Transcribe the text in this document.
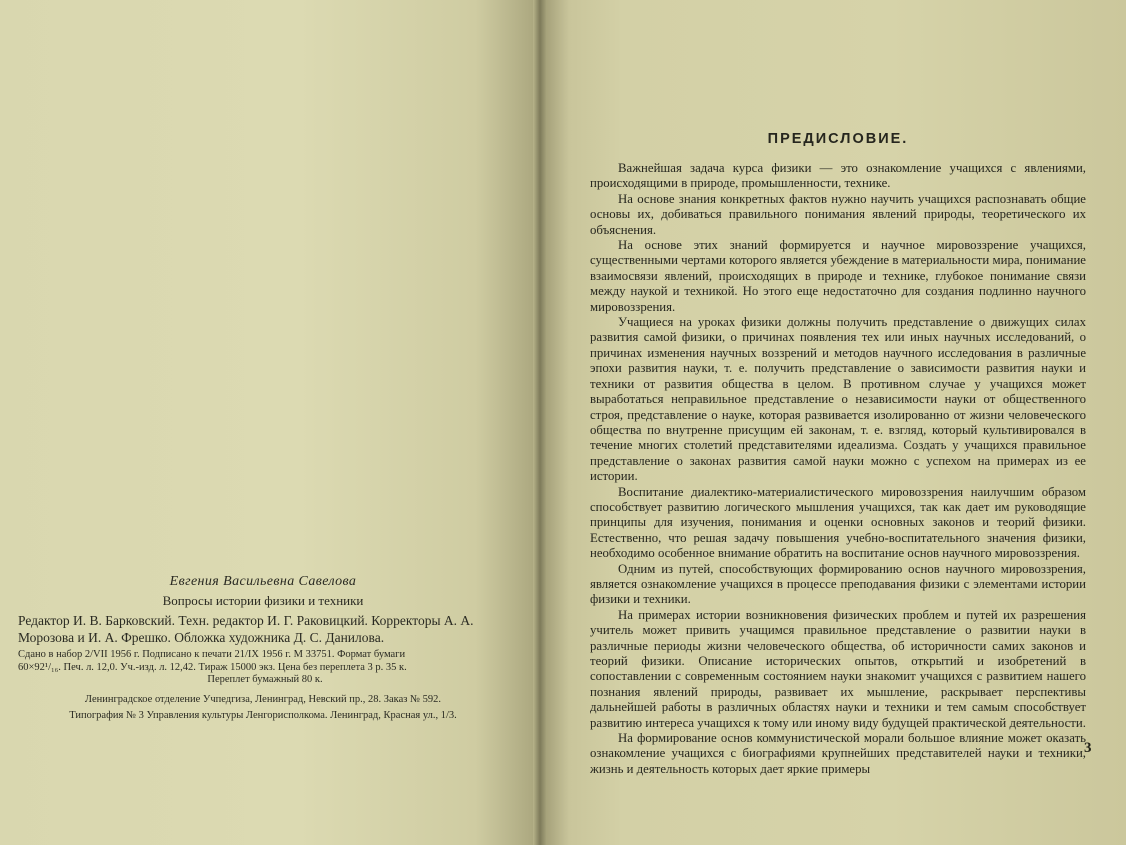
Евгения Васильевна Савелова

Вопросы истории физики и техники

Редактор И. В. Барковский. Техн. редактор И. Г. Раковицкий. Корректоры А. А. Морозова и И. А. Фрешко. Обложка художника Д. С. Данилова.

Сдано в набор 2/VII 1956 г. Подписано к печати 21/IX 1956 г. М 33751. Формат бумаги

60×92¹/₁₆. Печ. л. 12,0. Уч.-изд. л. 12,42. Тираж 15000 экз. Цена без переплета 3 р. 35 к.

Переплет бумажный 80 к.

Ленинградское отделение Учпедгиза, Ленинград, Невский пр., 28. Заказ № 592.

Типография № 3 Управления культуры Ленгорисполкома. Ленинград, Красная ул., 1/3.

ПРЕДИСЛОВИЕ.

Важнейшая задача курса физики — это ознакомление учащихся с явлениями, происходящими в природе, промышленности, технике.

На основе знания конкретных фактов нужно научить учащихся распознавать общие основы их, добиваться правильного понимания явлений природы, теоретического их объяснения.

На основе этих знаний формируется и научное мировоззрение учащихся, существенными чертами которого является убеждение в материальности мира, понимание взаимосвязи явлений, происходящих в природе и технике, глубокое понимание связи между наукой и техникой. Но этого еще недостаточно для создания подлинно научного мировоззрения.

Учащиеся на уроках физики должны получить представление о движущих силах развития самой физики, о причинах появления тех или иных научных исследований, о причинах изменения научных воззрений и методов научного исследования в различные эпохи развития науки, т. е. получить представление о зависимости развития науки и техники от развития общества в целом. В противном случае у учащихся может выработаться неправильное представление о независимости науки от общественного строя, представление о науке, которая развивается изолированно от жизни человеческого общества по внутренне присущим ей законам, т. е. взгляд, который культивировался в течение многих столетий представителями идеализма. Создать у учащихся правильное представление о законах развития самой науки можно с успехом на примерах из ее истории.

Воспитание диалектико-материалистического мировоззрения наилучшим образом способствует развитию логического мышления учащихся, так как дает им руководящие принципы для изучения, понимания и оценки основных законов и теорий физики. Естественно, что решая задачу повышения учебно-воспитательного значения физики, необходимо особенное внимание обратить на воспитание основ научного мировоззрения.

Одним из путей, способствующих формированию основ научного мировоззрения, является ознакомление учащихся в процессе преподавания физики с элементами истории физики и техники.

На примерах истории возникновения физических проблем и путей их разрешения учитель может привить учащимся правильное представление о развитии науки в различные периоды жизни человеческого общества, об историчности самих законов и теорий физики. Описание исторических опытов, открытий и изобретений в сопоставлении с современным состоянием науки знакомит учащихся с развитием нашего познания явлений природы, развивает их мышление, раскрывает перспективы дальнейшей работы в различных областях науки и техники и тем самым способствует развитию интереса учащихся к тому или иному виду будущей практической деятельности.

На формирование основ коммунистической морали большое влияние может оказать ознакомление учащихся с биографиями крупнейших представителей науки и техники, жизнь и деятельность которых дает яркие примеры

3
